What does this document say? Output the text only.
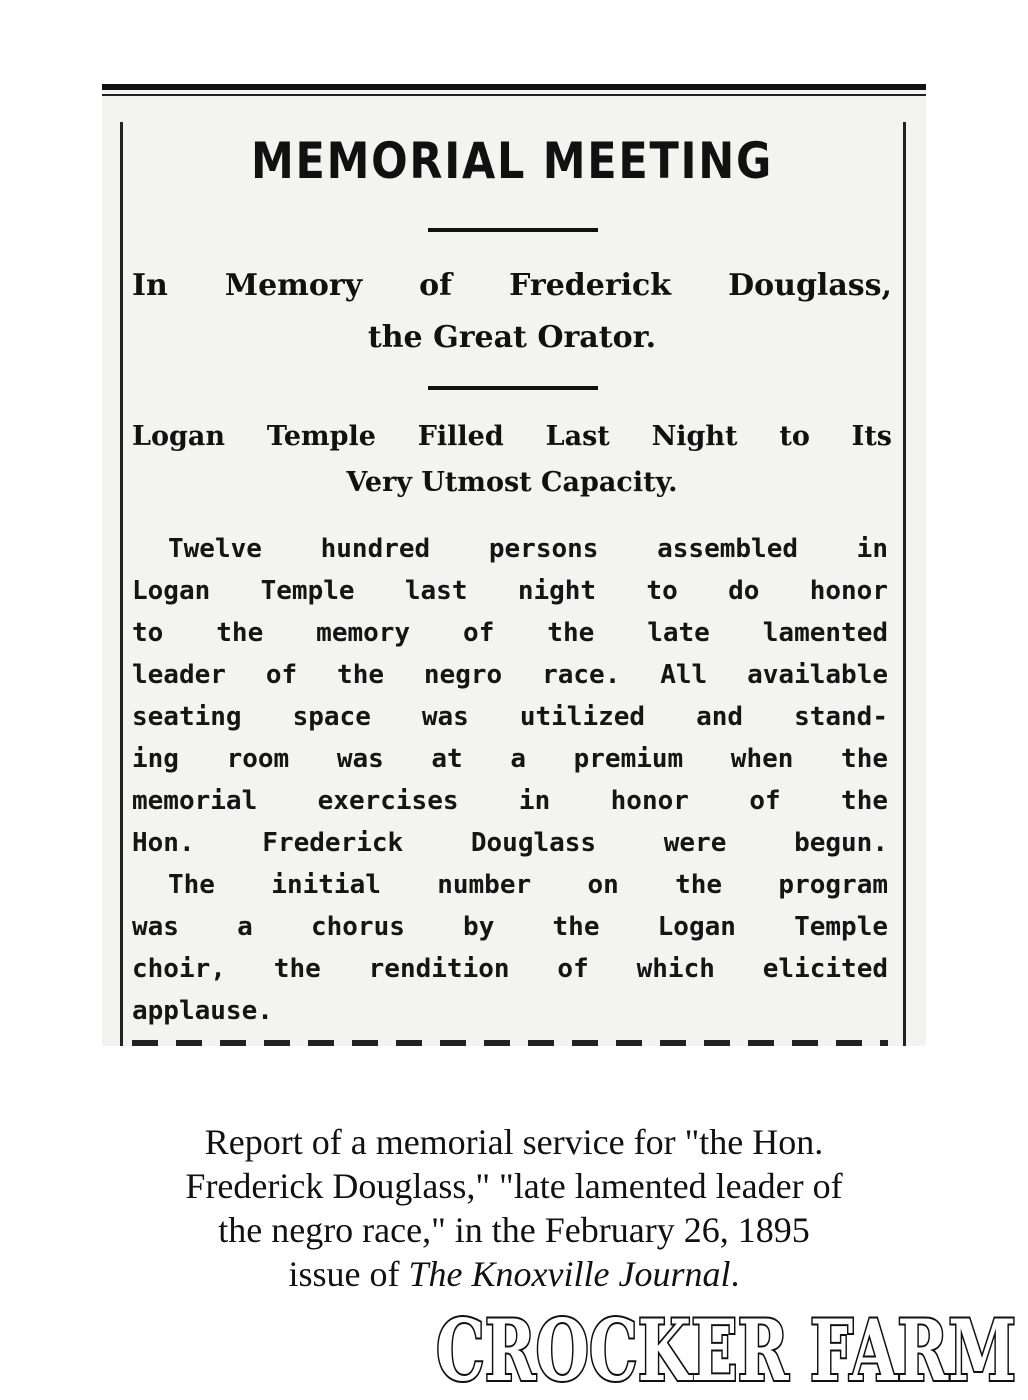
MEMORIAL MEETING
In Memory of Frederick Douglass,
the Great Orator.
Logan Temple Filled Last Night to Its
Very Utmost Capacity.
Twelve hundred persons assembled in
Logan Temple last night to do honor
to the memory of the late lamented
leader of the negro race. All available
seating space was utilized and stand-
ing room was at a premium when the
memorial exercises in honor of the
Hon. Frederick Douglass were begun.
The initial number on the program
was a chorus by the Logan Temple
choir, the rendition of which elicited
applause.
Report of a memorial service for "the Hon.
Frederick Douglass," "late lamented leader of
the negro race," in the February 26, 1895
issue of The Knoxville Journal.
CROCKER FARM
